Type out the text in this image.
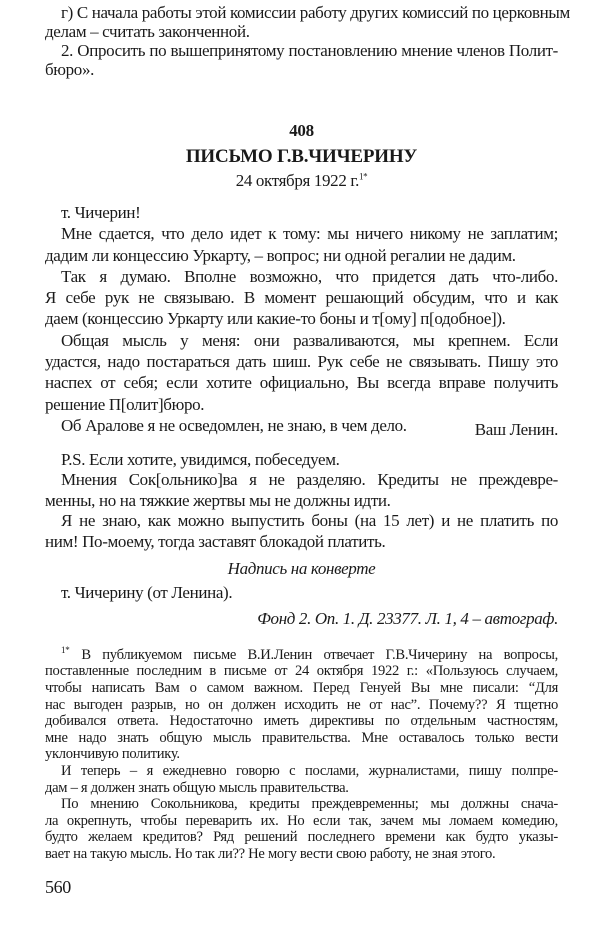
г) С начала работы этой комиссии работу других комиссий по церковным
делам – считать законченной.
2. Опросить по вышепринятому постановлению мнение членов Полит-
бюро».
408
ПИСЬМО Г.В.ЧИЧЕРИНУ
24 октября 1922 г.$^{1*}$
т. Чичерин!
Мне сдается, что дело идет к тому: мы ничего никому не заплатим;
дадим ли концессию Уркарту, – вопрос; ни одной регалии не дадим.
Так я думаю. Вполне возможно, что придется дать что-либо.
Я себе рук не связываю. В момент решающий обсудим, что и как
даем (концессию Уркарту или какие-то боны и т[ому] п[одобное]).
Общая мысль у меня: они разваливаются, мы крепнем. Если
удастся, надо постараться дать шиш. Рук себе не связывать. Пишу это
наспех от себя; если хотите официально, Вы всегда вправе получить
решение П[олит]бюро.
Об Аралове я не осведомлен, не знаю, в чем дело.	Ваш Ленин.
P.S. Если хотите, увидимся, побеседуем.
Мнения Сок[ольнико]ва я не разделяю. Кредиты не преждевре-
менны, но на тяжкие жертвы мы не должны идти.
Я не знаю, как можно выпустить боны (на 15 лет) и не платить по
ним! По-моему, тогда заставят блокадой платить.
Надпись на конверте
т. Чичерину (от Ленина).
Фонд 2. Оп. 1. Д. 23377. Л. 1, 4 – автограф.
$^{1*}$ В публикуемом письме В.И.Ленин отвечает Г.В.Чичерину на вопросы,
поставленные последним в письме от 24 октября 1922 г.: «Пользуюсь случаем,
чтобы написать Вам о самом важном. Перед Генуей Вы мне писали: “Для
нас выгоден разрыв, но он должен исходить не от нас”. Почему?? Я тщетно
добивался ответа. Недостаточно иметь директивы по отдельным частностям,
мне надо знать общую мысль правительства. Мне оставалось только вести
уклончивую политику.
И теперь – я ежедневно говорю с послами, журналистами, пишу полпре-
дам – я должен знать общую мысль правительства.
По мнению Сокольникова, кредиты преждевременны; мы должны снача-
ла окрепнуть, чтобы переварить их. Но если так, зачем мы ломаем комедию,
будто желаем кредитов? Ряд решений последнего времени как будто указы-
вает на такую мысль. Но так ли?? Не могу вести свою работу, не зная этого.
560
